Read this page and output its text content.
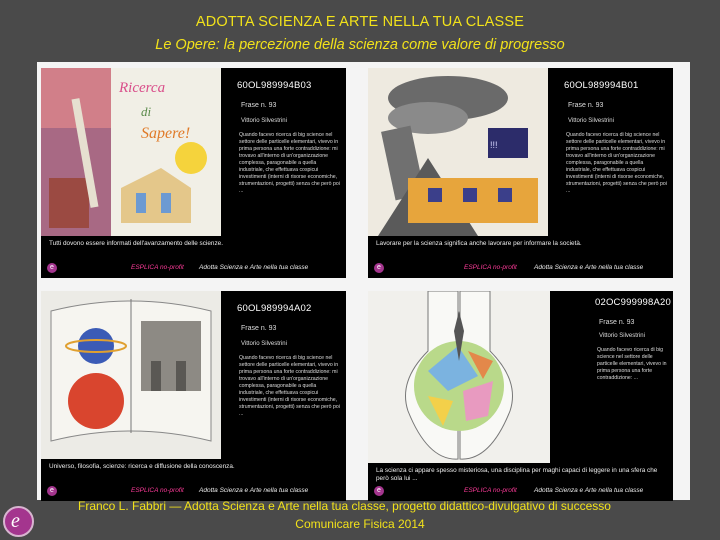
ADOTTA SCIENZA E ARTE NELLA TUA CLASSE
Le Opere: la percezione della scienza come valore di progresso
Ricerca
di
Sapere!
60OL989994B03
Frase n. 93
Vittorio Silvestrini
Quando facevo ricerca di big science nel settore delle particelle elementari, vivevo in prima persona una forte contraddizione: mi trovavo all'interno di un'organizzazione complessa, paragonabile a quella industriale, che effettuava cospicui investimenti (interni di risorse economiche, strumentazioni, progetti) senza che però poi ...
Tutti dovono essere informati dell'avanzamento delle scienze.
e	ESPLICA no-profit Adotta Scienza e Arte nella tua classe
!!!
60OL989994B01
Frase n. 93
Vittorio Silvestrini
Quando facevo ricerca di big science nel settore delle particelle elementari, vivevo in prima persona una forte contraddizione: mi trovavo all'interno di un'organizzazione complessa, paragonabile a quella industriale, che effettuava cospicui investimenti (interni di risorse economiche, strumentazioni, progetti) senza che però poi ...
Lavorare per la scienza significa anche lavorare per informare la società.
e	ESPLICA no-profit	Adotta Scienza e Arte nella tua classe
60OL989994A02
Frase n. 93
Vittorio Silvestrini
Quando facevo ricerca di big science nel settore delle particelle elementari, vivevo in prima persona una forte contraddizione: mi trovavo all'interno di un'organizzazione complessa, paragonabile a quella industriale, che effettuava cospicui investimenti (interni di risorse economiche, strumentazioni, progetti) senza che però poi ...
Universo, filosofia, scienze: ricerca e diffusione della conoscenza.
e	ESPLICA no-profit Adotta Scienza e Arte nella tua classe
02OC999998A20
Frase n. 93
Vittorio Silvestrini
Quando facevo ricerca di big science nel settore delle particelle elementari, vivevo in prima persona una forte contraddizione: ...
La scienza ci appare spesso misteriosa, una disciplina per maghi capaci di leggere in una sfera che però sola lui ...
e	ESPLICA no-profit	Adotta Scienza e Arte nella tua classe
e
Franco L. Fabbri — Adotta Scienza e Arte nella tua classe, progetto didattico-divulgativo di successo
Comunicare Fisica 2014
